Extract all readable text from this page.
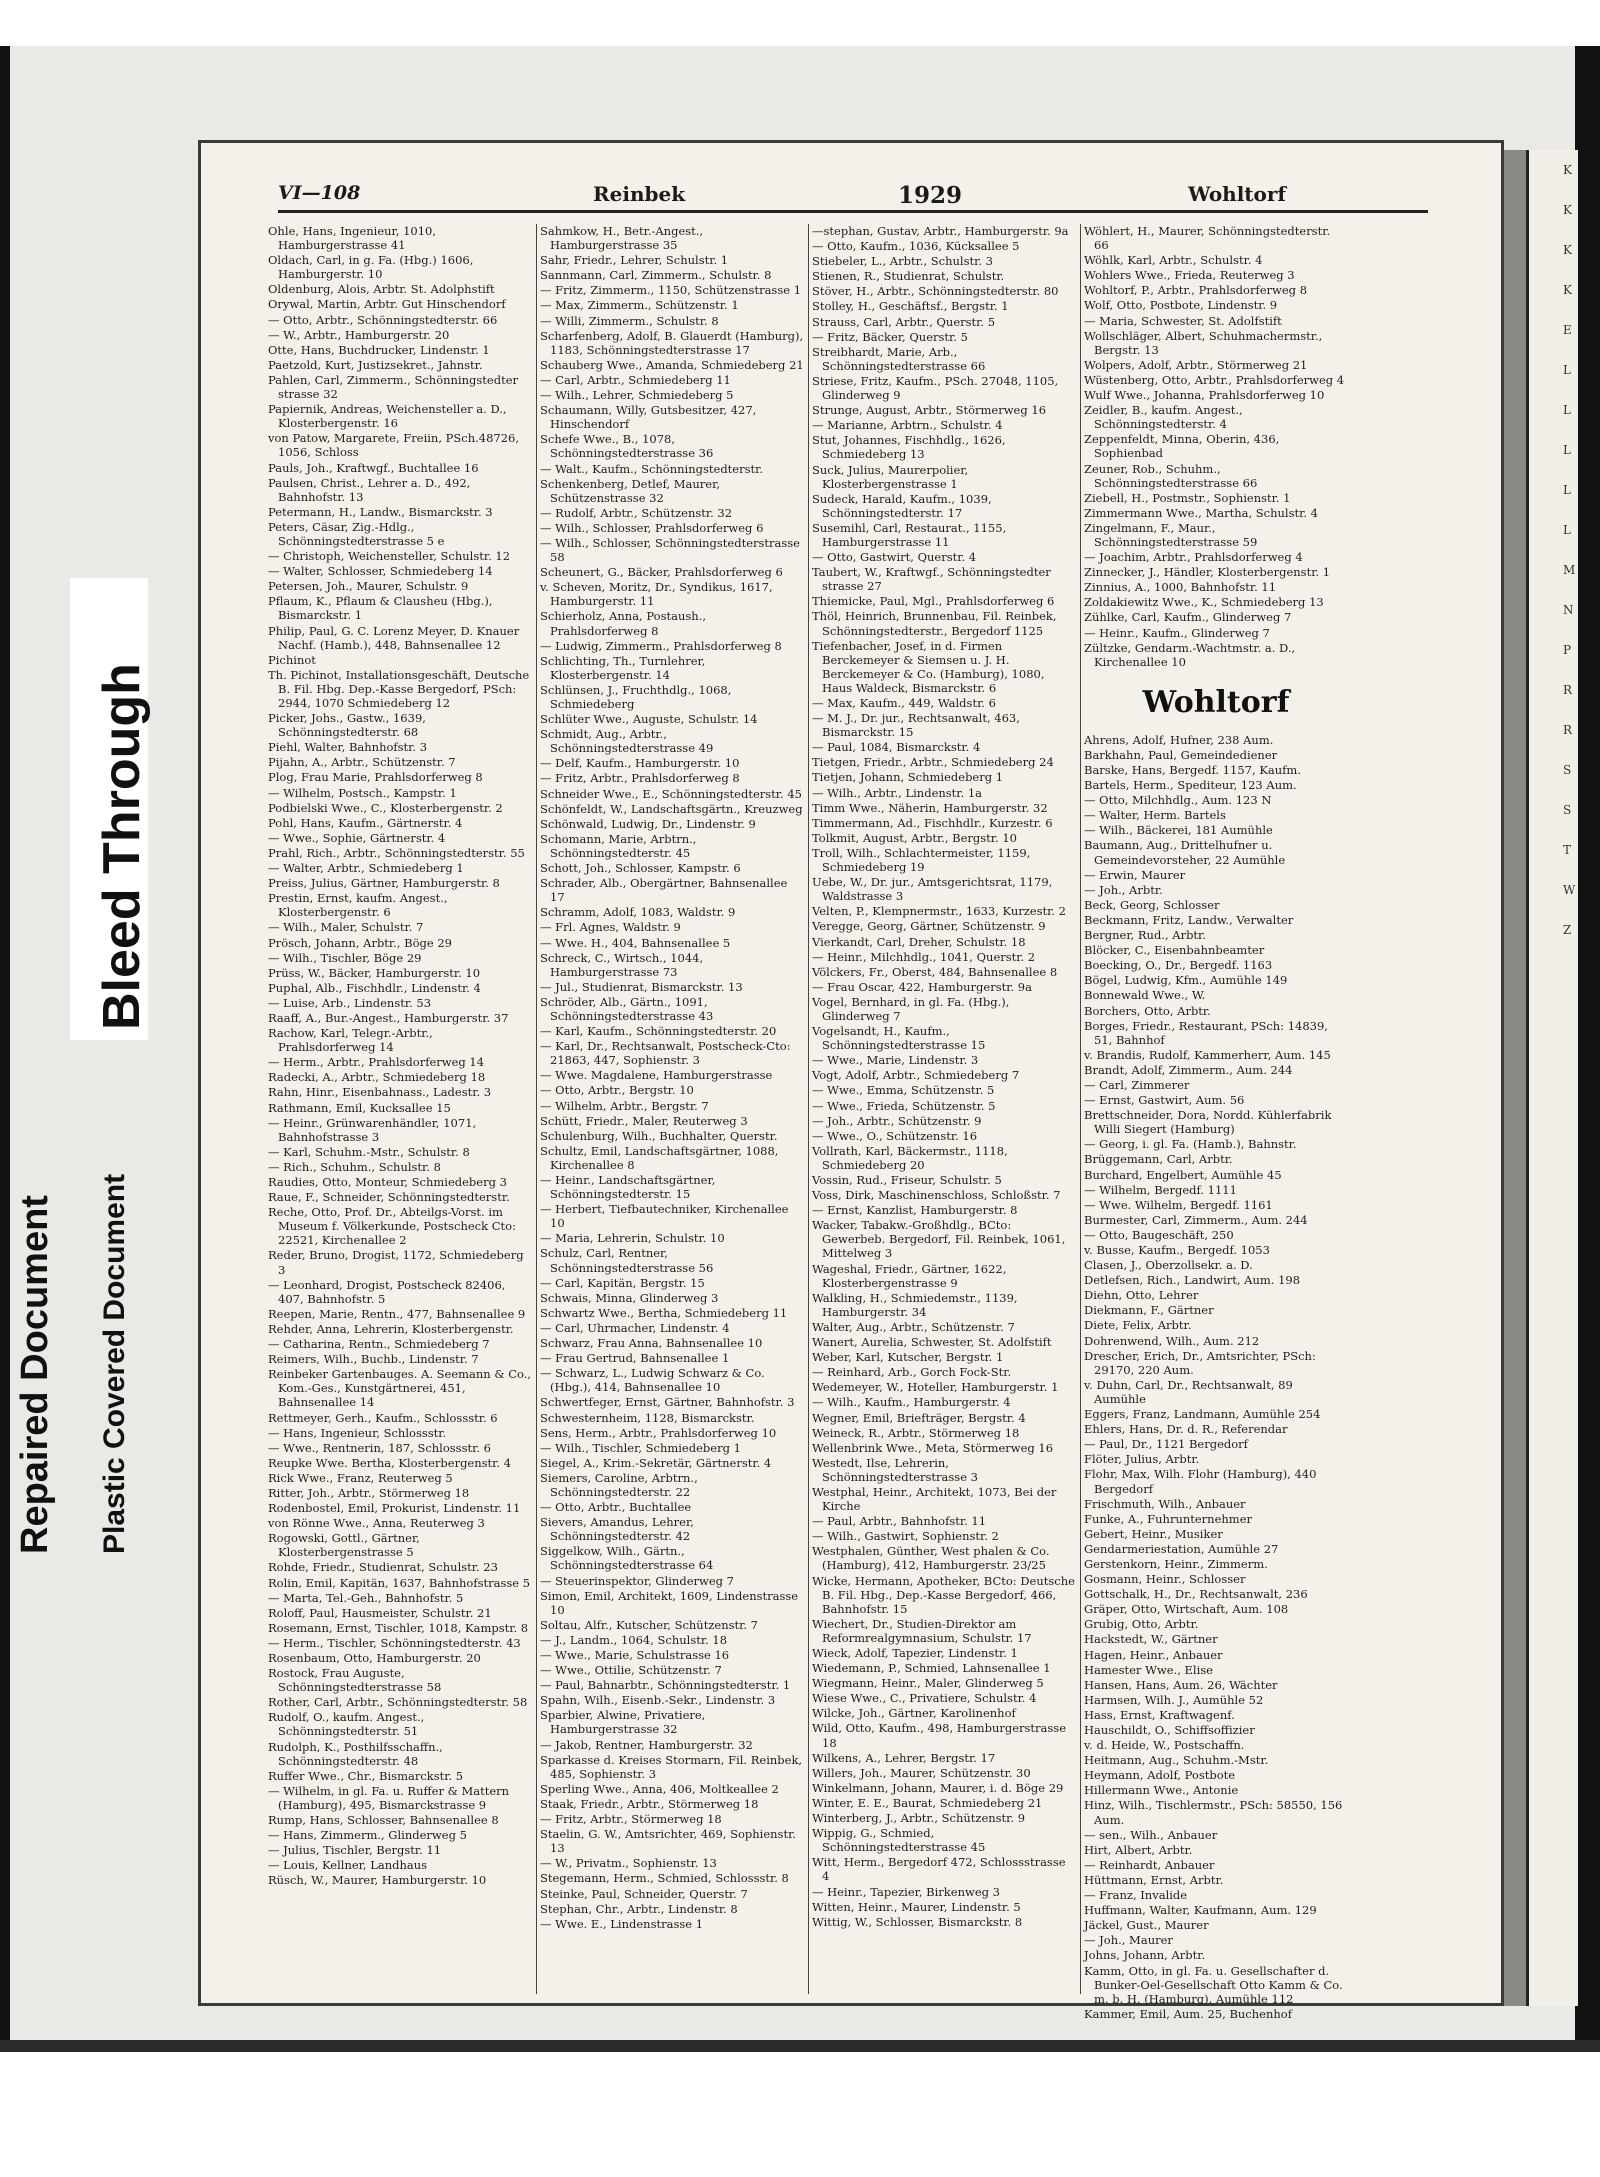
K
K
K
K
E
L
L
L
L
L
M
N
P
R
R
S
S
T
W
Z
VI—108	Reinbek	1929	Wohltorf
Ohle, Hans, Ingenieur, 1010, Hamburgerstrasse 41
Oldach, Carl, in g. Fa. (Hbg.) 1606, Hamburgerstr. 10
Oldenburg, Alois, Arbtr. St. Adolphstift
Orywal, Martin, Arbtr. Gut Hinschendorf
— Otto, Arbtr., Schönningstedterstr. 66
— W., Arbtr., Hamburgerstr. 20
Otte, Hans, Buchdrucker, Lindenstr. 1
Paetzold, Kurt, Justizsekret., Jahnstr.
Pahlen, Carl, Zimmerm., Schönningstedter strasse 32
Papiernik, Andreas, Weichensteller a. D., Klosterbergenstr. 16
von Patow, Margarete, Freiin, PSch.48726, 1056, Schloss
Pauls, Joh., Kraftwgf., Buchtallee 16
Paulsen, Christ., Lehrer a. D., 492, Bahnhofstr. 13
Petermann, H., Landw., Bismarckstr. 3
Peters, Cäsar, Zig.-Hdlg., Schönningstedterstrasse 5 e
— Christoph, Weichensteller, Schulstr. 12
— Walter, Schlosser, Schmiedeberg 14
Petersen, Joh., Maurer, Schulstr. 9
Pflaum, K., Pflaum & Clausheu (Hbg.), Bismarckstr. 1
Philip, Paul, G. C. Lorenz Meyer, D. Knauer Nachf. (Hamb.), 448, Bahnsenallee 12
Pichinot
Th. Pichinot, Installationsgeschäft, Deutsche B. Fil. Hbg. Dep.-Kasse Bergedorf, PSch: 2944, 1070 Schmiedeberg 12
Picker, Johs., Gastw., 1639, Schönningstedterstr. 68
Piehl, Walter, Bahnhofstr. 3
Pijahn, A., Arbtr., Schützenstr. 7
Plog, Frau Marie, Prahlsdorferweg 8
— Wilhelm, Postsch., Kampstr. 1
Podbielski Wwe., C., Klosterbergenstr. 2
Pohl, Hans, Kaufm., Gärtnerstr. 4
— Wwe., Sophie, Gärtnerstr. 4
Prahl, Rich., Arbtr., Schönningstedterstr. 55
— Walter, Arbtr., Schmiedeberg 1
Preiss, Julius, Gärtner, Hamburgerstr. 8
Prestin, Ernst, kaufm. Angest., Klosterbergenstr. 6
— Wilh., Maler, Schulstr. 7
Prösch, Johann, Arbtr., Böge 29
— Wilh., Tischler, Böge 29
Prüss, W., Bäcker, Hamburgerstr. 10
Puphal, Alb., Fischhdlr., Lindenstr. 4
— Luise, Arb., Lindenstr. 53
Raaff, A., Bur.-Angest., Hamburgerstr. 37
Rachow, Karl, Telegr.-Arbtr., Prahlsdorferweg 14
— Herm., Arbtr., Prahlsdorferweg 14
Radecki, A., Arbtr., Schmiedeberg 18
Rahn, Hinr., Eisenbahnass., Ladestr. 3
Rathmann, Emil, Kucksallee 15
— Heinr., Grünwarenhändler, 1071, Bahnhofstrasse 3
— Karl, Schuhm.-Mstr., Schulstr. 8
— Rich., Schuhm., Schulstr. 8
Raudies, Otto, Monteur, Schmiedeberg 3
Raue, F., Schneider, Schönningstedterstr.
Reche, Otto, Prof. Dr., Abteilgs-Vorst. im Museum f. Völkerkunde, Postscheck Cto: 22521, Kirchenallee 2
Reder, Bruno, Drogist, 1172, Schmiedeberg 3
— Leonhard, Drogist, Postscheck 82406, 407, Bahnhofstr. 5
Reepen, Marie, Rentn., 477, Bahnsenallee 9
Rehder, Anna, Lehrerin, Klosterbergenstr.
— Catharina, Rentn., Schmiedeberg 7
Reimers, Wilh., Buchb., Lindenstr. 7
Reinbeker Gartenbauges. A. Seemann & Co., Kom.-Ges., Kunstgärtnerei, 451, Bahnsenallee 14
Rettmeyer, Gerh., Kaufm., Schlossstr. 6
— Hans, Ingenieur, Schlossstr.
— Wwe., Rentnerin, 187, Schlossstr. 6
Reupke Wwe. Bertha, Klosterbergenstr. 4
Rick Wwe., Franz, Reuterweg 5
Ritter, Joh., Arbtr., Störmerweg 18
Rodenbostel, Emil, Prokurist, Lindenstr. 11
von Rönne Wwe., Anna, Reuterweg 3
Rogowski, Gottl., Gärtner, Klosterbergenstrasse 5
Rohde, Friedr., Studienrat, Schulstr. 23
Rolin, Emil, Kapitän, 1637, Bahnhofstrasse 5
— Marta, Tel.-Geh., Bahnhofstr. 5
Roloff, Paul, Hausmeister, Schulstr. 21
Rosemann, Ernst, Tischler, 1018, Kampstr. 8
— Herm., Tischler, Schönningstedterstr. 43
Rosenbaum, Otto, Hamburgerstr. 20
Rostock, Frau Auguste, Schönningstedterstrasse 58
Rother, Carl, Arbtr., Schönningstedterstr. 58
Rudolf, O., kaufm. Angest., Schönningstedterstr. 51
Rudolph, K., Posthilfsschaffn., Schönningstedterstr. 48
Ruffer Wwe., Chr., Bismarckstr. 5
— Wilhelm, in gl. Fa. u. Ruffer & Mattern (Hamburg), 495, Bismarckstrasse 9
Rump, Hans, Schlosser, Bahnsenallee 8
— Hans, Zimmerm., Glinderweg 5
— Julius, Tischler, Bergstr. 11
— Louis, Kellner, Landhaus
Rüsch, W., Maurer, Hamburgerstr. 10
Sahmkow, H., Betr.-Angest., Hamburgerstrasse 35
Sahr, Friedr., Lehrer, Schulstr. 1
Sannmann, Carl, Zimmerm., Schulstr. 8
— Fritz, Zimmerm., 1150, Schützenstrasse 1
— Max, Zimmerm., Schützenstr. 1
— Willi, Zimmerm., Schulstr. 8
Scharfenberg, Adolf, B. Glauerdt (Hamburg), 1183, Schönningstedterstrasse 17
Schauberg Wwe., Amanda, Schmiedeberg 21
— Carl, Arbtr., Schmiedeberg 11
— Wilh., Lehrer, Schmiedeberg 5
Schaumann, Willy, Gutsbesitzer, 427, Hinschendorf
Schefe Wwe., B., 1078, Schönningstedterstrasse 36
— Walt., Kaufm., Schönningstedterstr.
Schenkenberg, Detlef, Maurer, Schützenstrasse 32
— Rudolf, Arbtr., Schützenstr. 32
— Wilh., Schlosser, Prahlsdorferweg 6
— Wilh., Schlosser, Schönningstedterstrasse 58
Scheunert, G., Bäcker, Prahlsdorferweg 6
v. Scheven, Moritz, Dr., Syndikus, 1617, Hamburgerstr. 11
Schierholz, Anna, Postaush., Prahlsdorferweg 8
— Ludwig, Zimmerm., Prahlsdorferweg 8
Schlichting, Th., Turnlehrer, Klosterbergenstr. 14
Schlünsen, J., Fruchthdlg., 1068, Schmiedeberg
Schlüter Wwe., Auguste, Schulstr. 14
Schmidt, Aug., Arbtr., Schönningstedterstrasse 49
— Delf, Kaufm., Hamburgerstr. 10
— Fritz, Arbtr., Prahlsdorferweg 8
Schneider Wwe., E., Schönningstedterstr. 45
Schönfeldt, W., Landschaftsgärtn., Kreuzweg
Schönwald, Ludwig, Dr., Lindenstr. 9
Schomann, Marie, Arbtrn., Schönningstedterstr. 45
Schott, Joh., Schlosser, Kampstr. 6
Schrader, Alb., Obergärtner, Bahnsenallee 17
Schramm, Adolf, 1083, Waldstr. 9
— Frl. Agnes, Waldstr. 9
— Wwe. H., 404, Bahnsenallee 5
Schreck, C., Wirtsch., 1044, Hamburgerstrasse 73
— Jul., Studienrat, Bismarckstr. 13
Schröder, Alb., Gärtn., 1091, Schönningstedterstrasse 43
— Karl, Kaufm., Schönningstedterstr. 20
— Karl, Dr., Rechtsanwalt, Postscheck-Cto: 21863, 447, Sophienstr. 3
— Wwe. Magdalene, Hamburgerstrasse
— Otto, Arbtr., Bergstr. 10
— Wilhelm, Arbtr., Bergstr. 7
Schütt, Friedr., Maler, Reuterweg 3
Schulenburg, Wilh., Buchhalter, Querstr.
Schultz, Emil, Landschaftsgärtner, 1088, Kirchenallee 8
— Heinr., Landschaftsgärtner, Schönningstedterstr. 15
— Herbert, Tiefbautechniker, Kirchenallee 10
— Maria, Lehrerin, Schulstr. 10
Schulz, Carl, Rentner, Schönningstedterstrasse 56
— Carl, Kapitän, Bergstr. 15
Schwais, Minna, Glinderweg 3
Schwartz Wwe., Bertha, Schmiedeberg 11
— Carl, Uhrmacher, Lindenstr. 4
Schwarz, Frau Anna, Bahnsenallee 10
— Frau Gertrud, Bahnsenallee 1
— Schwarz, L., Ludwig Schwarz & Co. (Hbg.), 414, Bahnsenallee 10
Schwertfeger, Ernst, Gärtner, Bahnhofstr. 3
Schwesternheim, 1128, Bismarckstr.
Sens, Herm., Arbtr., Prahlsdorferweg 10
— Wilh., Tischler, Schmiedeberg 1
Siegel, A., Krim.-Sekretär, Gärtnerstr. 4
Siemers, Caroline, Arbtrn., Schönningstedterstr. 22
— Otto, Arbtr., Buchtallee
Sievers, Amandus, Lehrer, Schönningstedterstr. 42
Siggelkow, Wilh., Gärtn., Schönningstedterstrasse 64
— Steuerinspektor, Glinderweg 7
Simon, Emil, Architekt, 1609, Lindenstrasse 10
Soltau, Alfr., Kutscher, Schützenstr. 7
— J., Landm., 1064, Schulstr. 18
— Wwe., Marie, Schulstrasse 16
— Wwe., Ottilie, Schützenstr. 7
— Paul, Bahnarbtr., Schönningstedterstr. 1
Spahn, Wilh., Eisenb.-Sekr., Lindenstr. 3
Sparbier, Alwine, Privatiere, Hamburgerstrasse 32
— Jakob, Rentner, Hamburgerstr. 32
Sparkasse d. Kreises Stormarn, Fil. Reinbek, 485, Sophienstr. 3
Sperling Wwe., Anna, 406, Moltkeallee 2
Staak, Friedr., Arbtr., Störmerweg 18
— Fritz, Arbtr., Störmerweg 18
Staelin, G. W., Amtsrichter, 469, Sophienstr. 13
— W., Privatm., Sophienstr. 13
Stegemann, Herm., Schmied, Schlossstr. 8
Steinke, Paul, Schneider, Querstr. 7
Stephan, Chr., Arbtr., Lindenstr. 8
— Wwe. E., Lindenstrasse 1
—stephan, Gustav, Arbtr., Hamburgerstr. 9a
— Otto, Kaufm., 1036, Kücksallee 5
Stiebeler, L., Arbtr., Schulstr. 3
Stienen, R., Studienrat, Schulstr.
Stöver, H., Arbtr., Schönningstedterstr. 80
Stolley, H., Geschäftsf., Bergstr. 1
Strauss, Carl, Arbtr., Querstr. 5
— Fritz, Bäcker, Querstr. 5
Streibhardt, Marie, Arb., Schönningstedterstrasse 66
Striese, Fritz, Kaufm., PSch. 27048, 1105, Glinderweg 9
Strunge, August, Arbtr., Störmerweg 16
— Marianne, Arbtrn., Schulstr. 4
Stut, Johannes, Fischhdlg., 1626, Schmiedeberg 13
Suck, Julius, Maurerpolier, Klosterbergenstrasse 1
Sudeck, Harald, Kaufm., 1039, Schönningstedterstr. 17
Susemihl, Carl, Restaurat., 1155, Hamburgerstrasse 11
— Otto, Gastwirt, Querstr. 4
Taubert, W., Kraftwgf., Schönningstedter strasse 27
Thiemicke, Paul, Mgl., Prahlsdorferweg 6
Thöl, Heinrich, Brunnenbau, Fil. Reinbek, Schönningstedterstr., Bergedorf 1125
Tiefenbacher, Josef, in d. Firmen Berckemeyer & Siemsen u. J. H. Berckemeyer & Co. (Hamburg), 1080, Haus Waldeck, Bismarckstr. 6
— Max, Kaufm., 449, Waldstr. 6
— M. J., Dr. jur., Rechtsanwalt, 463, Bismarckstr. 15
— Paul, 1084, Bismarckstr. 4
Tietgen, Friedr., Arbtr., Schmiedeberg 24
Tietjen, Johann, Schmiedeberg 1
— Wilh., Arbtr., Lindenstr. 1a
Timm Wwe., Näherin, Hamburgerstr. 32
Timmermann, Ad., Fischhdlr., Kurzestr. 6
Tolkmit, August, Arbtr., Bergstr. 10
Troll, Wilh., Schlachtermeister, 1159, Schmiedeberg 19
Uebe, W., Dr. jur., Amtsgerichtsrat, 1179, Waldstrasse 3
Velten, P., Klempnermstr., 1633, Kurzestr. 2
Veregge, Georg, Gärtner, Schützenstr. 9
Vierkandt, Carl, Dreher, Schulstr. 18
— Heinr., Milchhdlg., 1041, Querstr. 2
Völckers, Fr., Oberst, 484, Bahnsenallee 8
— Frau Oscar, 422, Hamburgerstr. 9a
Vogel, Bernhard, in gl. Fa. (Hbg.), Glinderweg 7
Vogelsandt, H., Kaufm., Schönningstedterstrasse 15
— Wwe., Marie, Lindenstr. 3
Vogt, Adolf, Arbtr., Schmiedeberg 7
— Wwe., Emma, Schützenstr. 5
— Wwe., Frieda, Schützenstr. 5
— Joh., Arbtr., Schützenstr. 9
— Wwe., O., Schützenstr. 16
Vollrath, Karl, Bäckermstr., 1118, Schmiedeberg 20
Vossin, Rud., Friseur, Schulstr. 5
Voss, Dirk, Maschinenschloss, Schloßstr. 7
— Ernst, Kanzlist, Hamburgerstr. 8
Wacker, Tabakw.-Großhdlg., BCto: Gewerbeb. Bergedorf, Fil. Reinbek, 1061, Mittelweg 3
Wageshal, Friedr., Gärtner, 1622, Klosterbergenstrasse 9
Walkling, H., Schmiedemstr., 1139, Hamburgerstr. 34
Walter, Aug., Arbtr., Schützenstr. 7
Wanert, Aurelia, Schwester, St. Adolfstift
Weber, Karl, Kutscher, Bergstr. 1
— Reinhard, Arb., Gorch Fock-Str.
Wedemeyer, W., Hoteller, Hamburgerstr. 1
— Wilh., Kaufm., Hamburgerstr. 4
Wegner, Emil, Briefträger, Bergstr. 4
Weineck, R., Arbtr., Störmerweg 18
Wellenbrink Wwe., Meta, Störmerweg 16
Westedt, Ilse, Lehrerin, Schönningstedterstrasse 3
Westphal, Heinr., Architekt, 1073, Bei der Kirche
— Paul, Arbtr., Bahnhofstr. 11
— Wilh., Gastwirt, Sophienstr. 2
Westphalen, Günther, West phalen & Co. (Hamburg), 412, Hamburgerstr. 23/25
Wicke, Hermann, Apotheker, BCto: Deutsche B. Fil. Hbg., Dep.-Kasse Bergedorf, 466, Bahnhofstr. 15
Wiechert, Dr., Studien-Direktor am Reformrealgymnasium, Schulstr. 17
Wieck, Adolf, Tapezier, Lindenstr. 1
Wiedemann, P., Schmied, Lahnsenallee 1
Wiegmann, Heinr., Maler, Glinderweg 5
Wiese Wwe., C., Privatiere, Schulstr. 4
Wilcke, Joh., Gärtner, Karolinenhof
Wild, Otto, Kaufm., 498, Hamburgerstrasse 18
Wilkens, A., Lehrer, Bergstr. 17
Willers, Joh., Maurer, Schützenstr. 30
Winkelmann, Johann, Maurer, i. d. Böge 29
Winter, E. E., Baurat, Schmiedeberg 21
Winterberg, J., Arbtr., Schützenstr. 9
Wippig, G., Schmied, Schönningstedterstrasse 45
Witt, Herm., Bergedorf 472, Schlossstrasse 4
— Heinr., Tapezier, Birkenweg 3
Witten, Heinr., Maurer, Lindenstr. 5
Wittig, W., Schlosser, Bismarckstr. 8
Wöhlert, H., Maurer, Schönningstedterstr. 66
Wöhlk, Karl, Arbtr., Schulstr. 4
Wohlers Wwe., Frieda, Reuterweg 3
Wohltorf, P., Arbtr., Prahlsdorferweg 8
Wolf, Otto, Postbote, Lindenstr. 9
— Maria, Schwester, St. Adolfstift
Wollschläger, Albert, Schuhmachermstr., Bergstr. 13
Wolpers, Adolf, Arbtr., Störmerweg 21
Wüstenberg, Otto, Arbtr., Prahlsdorferweg 4
Wulf Wwe., Johanna, Prahlsdorferweg 10
Zeidler, B., kaufm. Angest., Schönningstedterstr. 4
Zeppenfeldt, Minna, Oberin, 436, Sophienbad
Zeuner, Rob., Schuhm., Schönningstedterstrasse 66
Ziebell, H., Postmstr., Sophienstr. 1
Zimmermann Wwe., Martha, Schulstr. 4
Zingelmann, F., Maur., Schönningstedterstrasse 59
— Joachim, Arbtr., Prahlsdorferweg 4
Zinnecker, J., Händler, Klosterbergenstr. 1
Zinnius, A., 1000, Bahnhofstr. 11
Zoldakiewitz Wwe., K., Schmiedeberg 13
Zühlke, Carl, Kaufm., Glinderweg 7
— Heinr., Kaufm., Glinderweg 7
Zültzke, Gendarm.-Wachtmstr. a. D., Kirchenallee 10
Wohltorf
Ahrens, Adolf, Hufner, 238 Aum.
Barkhahn, Paul, Gemeindediener
Barske, Hans, Bergedf. 1157, Kaufm.
Bartels, Herm., Spediteur, 123 Aum.
— Otto, Milchhdlg., Aum. 123 N
— Walter, Herm. Bartels
— Wilh., Bäckerei, 181 Aumühle
Baumann, Aug., Drittelhufner u. Gemeindevorsteher, 22 Aumühle
— Erwin, Maurer
— Joh., Arbtr.
Beck, Georg, Schlosser
Beckmann, Fritz, Landw., Verwalter
Bergner, Rud., Arbtr.
Blöcker, C., Eisenbahnbeamter
Boecking, O., Dr., Bergedf. 1163
Bögel, Ludwig, Kfm., Aumühle 149
Bonnewald Wwe., W.
Borchers, Otto, Arbtr.
Borges, Friedr., Restaurant, PSch: 14839, 51, Bahnhof
v. Brandis, Rudolf, Kammerherr, Aum. 145
Brandt, Adolf, Zimmerm., Aum. 244
— Carl, Zimmerer
— Ernst, Gastwirt, Aum. 56
Brettschneider, Dora, Nordd. Kühlerfabrik Willi Siegert (Hamburg)
— Georg, i. gl. Fa. (Hamb.), Bahnstr.
Brüggemann, Carl, Arbtr.
Burchard, Engelbert, Aumühle 45
— Wilhelm, Bergedf. 1111
— Wwe. Wilhelm, Bergedf. 1161
Burmester, Carl, Zimmerm., Aum. 244
— Otto, Baugeschäft, 250
v. Busse, Kaufm., Bergedf. 1053
Clasen, J., Oberzollsekr. a. D.
Detlefsen, Rich., Landwirt, Aum. 198
Diehn, Otto, Lehrer
Diekmann, F., Gärtner
Diete, Felix, Arbtr.
Dohrenwend, Wilh., Aum. 212
Drescher, Erich, Dr., Amtsrichter, PSch: 29170, 220 Aum.
v. Duhn, Carl, Dr., Rechtsanwalt, 89 Aumühle
Eggers, Franz, Landmann, Aumühle 254
Ehlers, Hans, Dr. d. R., Referendar
— Paul, Dr., 1121 Bergedorf
Flöter, Julius, Arbtr.
Flohr, Max, Wilh. Flohr (Hamburg), 440 Bergedorf
Frischmuth, Wilh., Anbauer
Funke, A., Fuhrunternehmer
Gebert, Heinr., Musiker
Gendarmeriestation, Aumühle 27
Gerstenkorn, Heinr., Zimmerm.
Gosmann, Heinr., Schlosser
Gottschalk, H., Dr., Rechtsanwalt, 236
Gräper, Otto, Wirtschaft, Aum. 108
Grubig, Otto, Arbtr.
Hackstedt, W., Gärtner
Hagen, Heinr., Anbauer
Hamester Wwe., Elise
Hansen, Hans, Aum. 26, Wächter
Harmsen, Wilh. J., Aumühle 52
Hass, Ernst, Kraftwagenf.
Hauschildt, O., Schiffsoffizier
v. d. Heide, W., Postschaffn.
Heitmann, Aug., Schuhm.-Mstr.
Heymann, Adolf, Postbote
Hillermann Wwe., Antonie
Hinz, Wilh., Tischlermstr., PSch: 58550, 156 Aum.
— sen., Wilh., Anbauer
Hirt, Albert, Arbtr.
— Reinhardt, Anbauer
Hüttmann, Ernst, Arbtr.
— Franz, Invalide
Huffmann, Walter, Kaufmann, Aum. 129
Jäckel, Gust., Maurer
— Joh., Maurer
Johns, Johann, Arbtr.
Kamm, Otto, in gl. Fa. u. Gesellschafter d. Bunker-Oel-Gesellschaft Otto Kamm & Co. m. b. H. (Hamburg), Aumühle 112
Kammer, Emil, Aum. 25, Buchenhof
